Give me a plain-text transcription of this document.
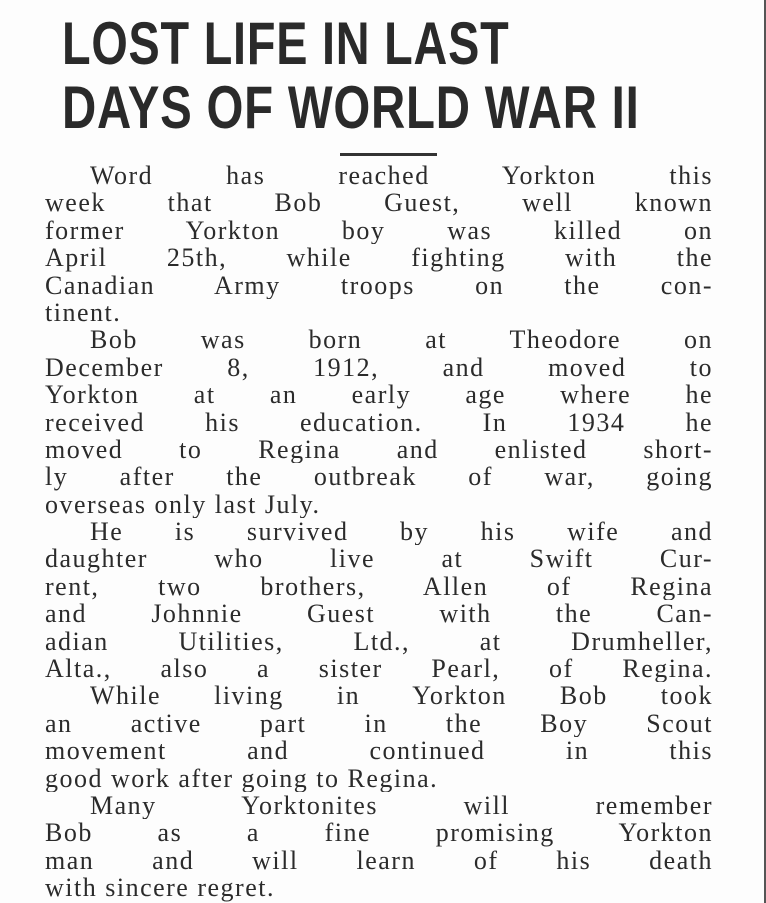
LOST LIFE IN LAST
DAYS OF WORLD WAR II
Word has reached Yorkton this
week that Bob Guest, well known
former Yorkton boy was killed on
April 25th, while fighting with the
Canadian Army troops on the con-
tinent.
Bob was born at Theodore on
December 8, 1912, and moved to
Yorkton at an early age where he
received his education. In 1934 he
moved to Regina and enlisted short-
ly after the outbreak of war, going
overseas only last July.
He is survived by his wife and
daughter who live at Swift Cur-
rent, two brothers, Allen of Regina
and Johnnie Guest with the Can-
adian Utilities, Ltd., at Drumheller,
Alta., also a sister Pearl, of Regina.
While living in Yorkton Bob took
an active part in the Boy Scout
movement and continued in this
good work after going to Regina.
Many Yorktonites will remember
Bob as a fine promising Yorkton
man and will learn of his death
with sincere regret.
